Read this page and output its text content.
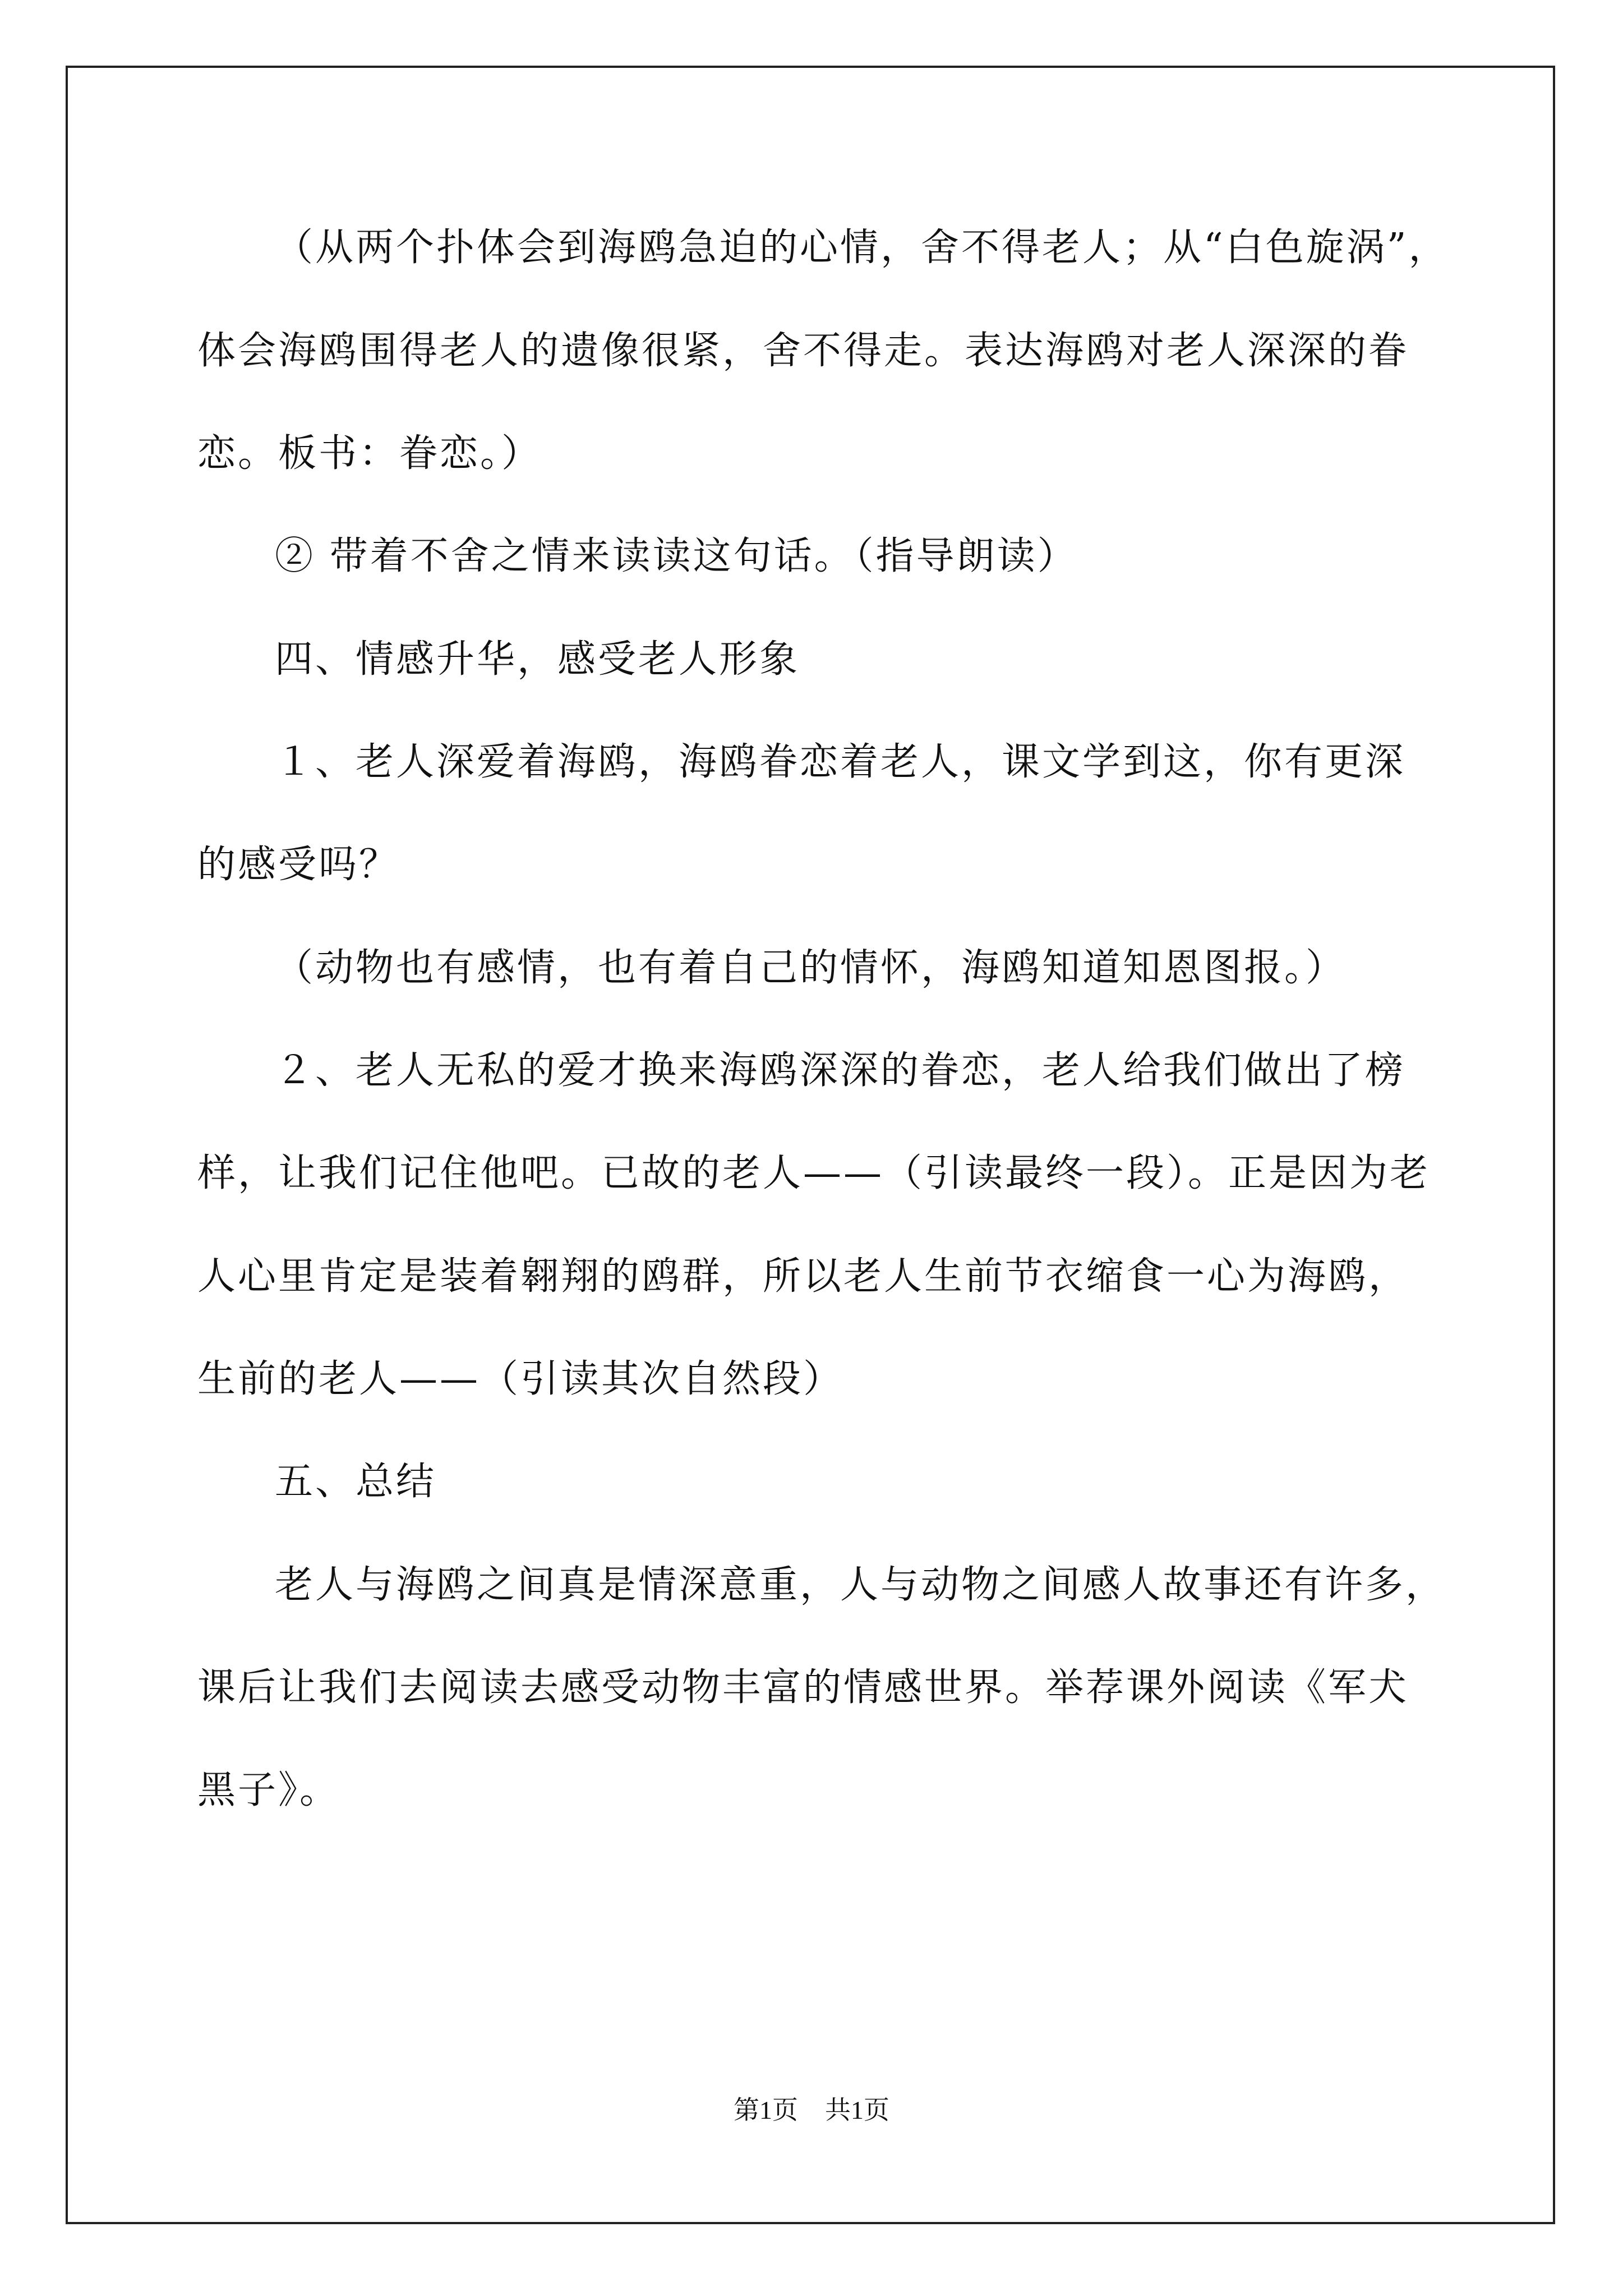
（从两个扑体会到海鸥急迫的心情，舍不得老人；从“白色旋涡”，
体会海鸥围得老人的遗像很紧，舍不得走。表达海鸥对老人深深的眷
恋。板书：眷恋。）
② 带着不舍之情来读读这句话。（指导朗读）
四、情感升华，感受老人形象
１、老人深爱着海鸥，海鸥眷恋着老人，课文学到这，你有更深
的感受吗？
（动物也有感情，也有着自己的情怀，海鸥知道知恩图报。）
２、老人无私的爱才换来海鸥深深的眷恋，老人给我们做出了榜
样，让我们记住他吧。已故的老人——（引读最终一段）。正是因为老
人心里肯定是装着翱翔的鸥群，所以老人生前节衣缩食一心为海鸥，
生前的老人——（引读其次自然段）
五、总结
老人与海鸥之间真是情深意重，人与动物之间感人故事还有许多，
课后让我们去阅读去感受动物丰富的情感世界。举荐课外阅读《军犬
黑子》。
第1页 共1页
